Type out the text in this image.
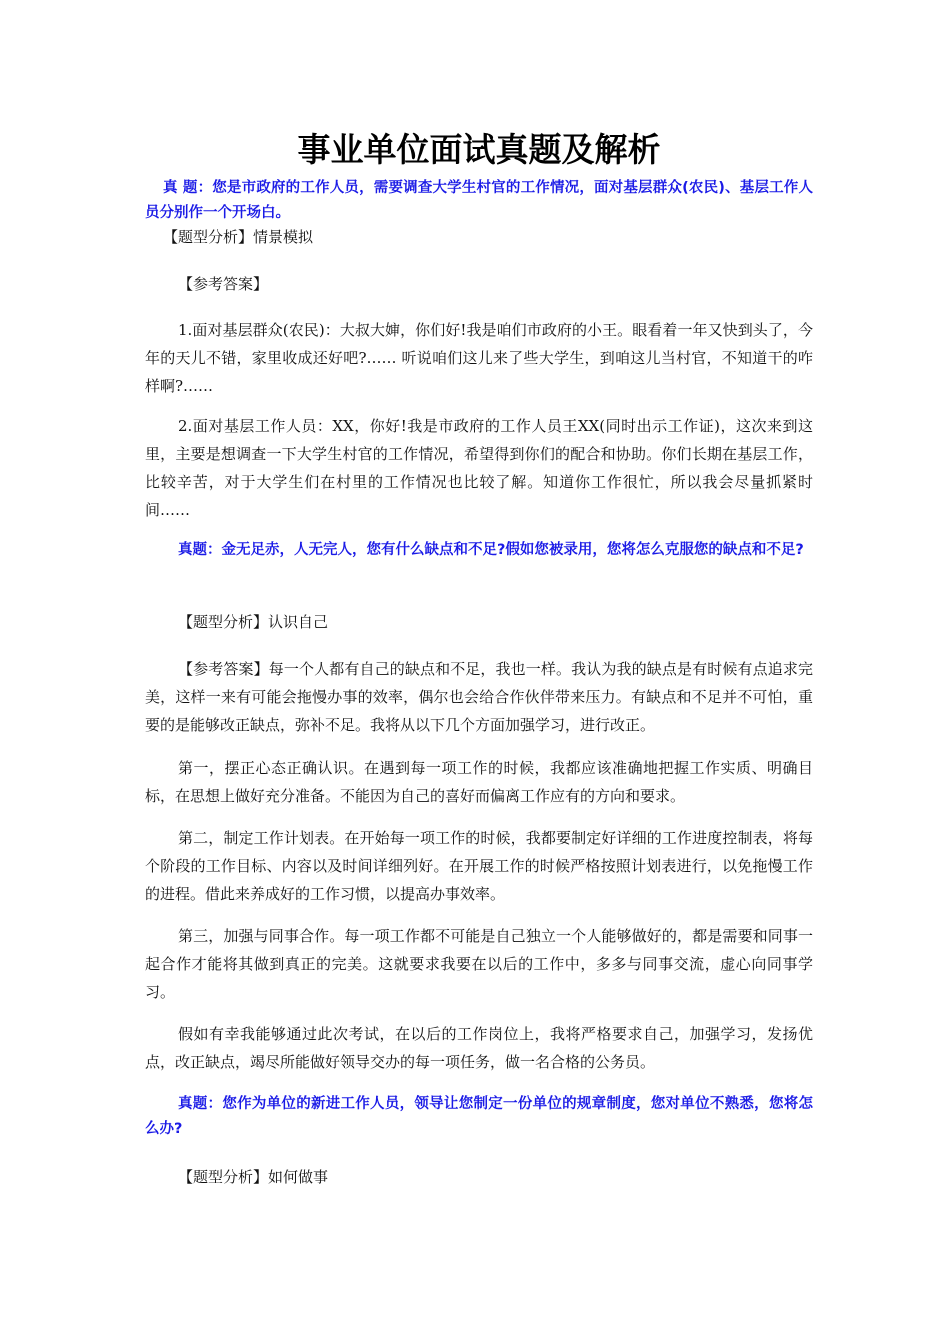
事业单位面试真题及解析
真 题：您是市政府的工作人员，需要调查大学生村官的工作情况，面对基层群众(农民)、基层工作人员分别作一个开场白。
【题型分析】情景模拟
【参考答案】
1.面对基层群众(农民)：大叔大婶，你们好!我是咱们市政府的小王。眼看着一年又快到头了，今年的天儿不错，家里收成还好吧?…… 听说咱们这儿来了些大学生，到咱这儿当村官，不知道干的咋样啊?……
2.面对基层工作人员：XX，你好!我是市政府的工作人员王XX(同时出示工作证)，这次来到这里，主要是想调查一下大学生村官的工作情况，希望得到你们的配合和协助。你们长期在基层工作，比较辛苦，对于大学生们在村里的工作情况也比较了解。知道你工作很忙，所以我会尽量抓紧时间……
真题：金无足赤，人无完人，您有什么缺点和不足?假如您被录用，您将怎么克服您的缺点和不足?
【题型分析】认识自己
【参考答案】每一个人都有自己的缺点和不足，我也一样。我认为我的缺点是有时候有点追求完美，这样一来有可能会拖慢办事的效率，偶尔也会给合作伙伴带来压力。有缺点和不足并不可怕，重要的是能够改正缺点，弥补不足。我将从以下几个方面加强学习，进行改正。
第一，摆正心态正确认识。在遇到每一项工作的时候，我都应该准确地把握工作实质、明确目标，在思想上做好充分准备。不能因为自己的喜好而偏离工作应有的方向和要求。
第二，制定工作计划表。在开始每一项工作的时候，我都要制定好详细的工作进度控制表，将每个阶段的工作目标、内容以及时间详细列好。在开展工作的时候严格按照计划表进行，以免拖慢工作的进程。借此来养成好的工作习惯，以提高办事效率。
第三，加强与同事合作。每一项工作都不可能是自己独立一个人能够做好的，都是需要和同事一起合作才能将其做到真正的完美。这就要求我要在以后的工作中，多多与同事交流，虚心向同事学习。
假如有幸我能够通过此次考试，在以后的工作岗位上，我将严格要求自己，加强学习，发扬优点，改正缺点，竭尽所能做好领导交办的每一项任务，做一名合格的公务员。
真题：您作为单位的新进工作人员，领导让您制定一份单位的规章制度，您对单位不熟悉，您将怎么办?
【题型分析】如何做事
